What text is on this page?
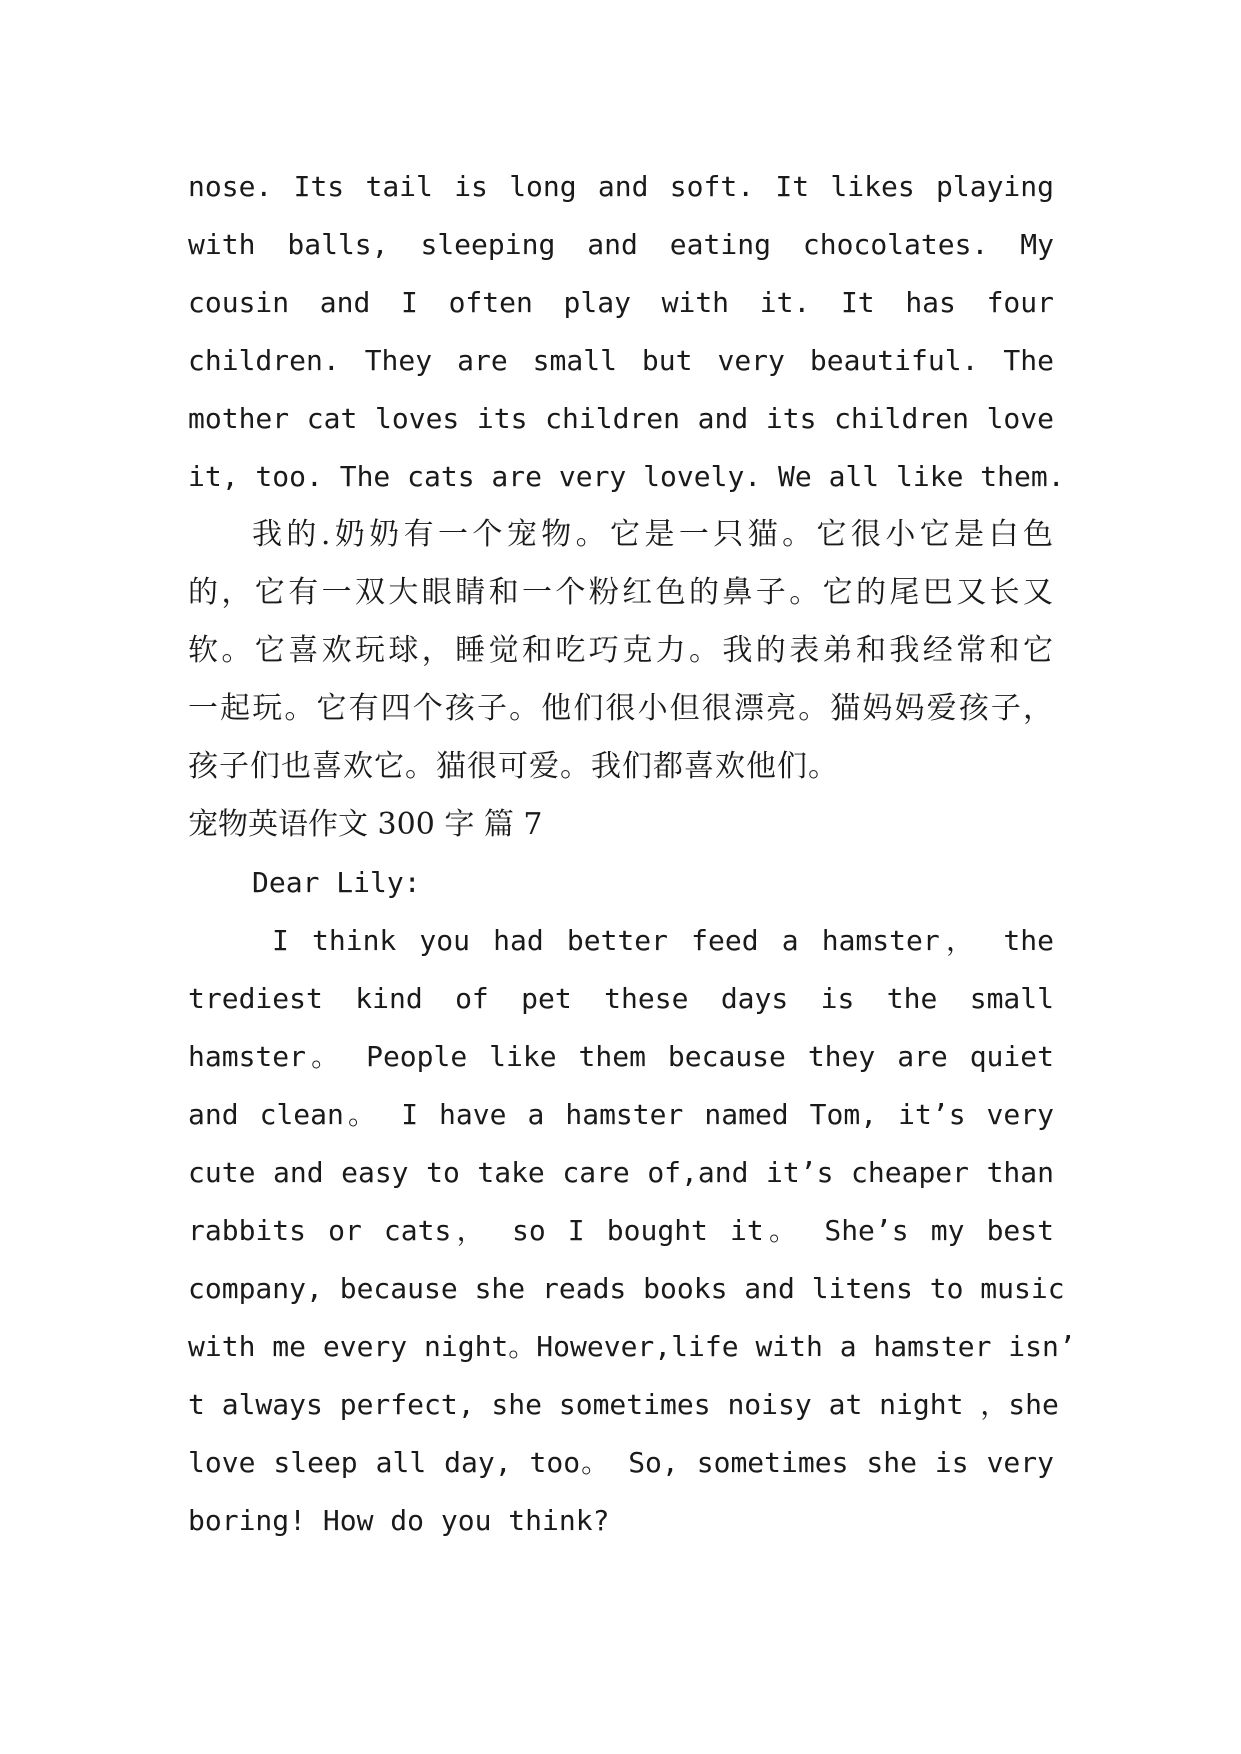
nose. Its tail is long and soft. It likes playing
with balls, sleeping and eating chocolates. My
cousin and I often play with it. It has four
children. They are small but very beautiful. The
mother cat loves its children and its children love
it, too. The cats are very lovely. We all like them.
我的.奶奶有一个宠物。它是一只猫。它很小它是白色
的，它有一双大眼睛和一个粉红色的鼻子。它的尾巴又长又
软。它喜欢玩球，睡觉和吃巧克力。我的表弟和我经常和它
一起玩。它有四个孩子。他们很小但很漂亮。猫妈妈爱孩子，
孩子们也喜欢它。猫很可爱。我们都喜欢他们。
宠物英语作文 300 字 篇 7
Dear Lily:
I think you had better feed a hamster， the
trediest kind of pet these days is the small
hamster。 People like them because they are quiet
and clean。 I have a hamster named Tom, it’s very
cute and easy to take care of,and it’s cheaper than
rabbits or cats， so I bought it。 She’s my best
company, because she reads books and litens to music
with me every night。However,life with a hamster isn’
t always perfect, she sometimes noisy at night ，she
love sleep all day, too。 So, sometimes she is very
boring! How do you think?
